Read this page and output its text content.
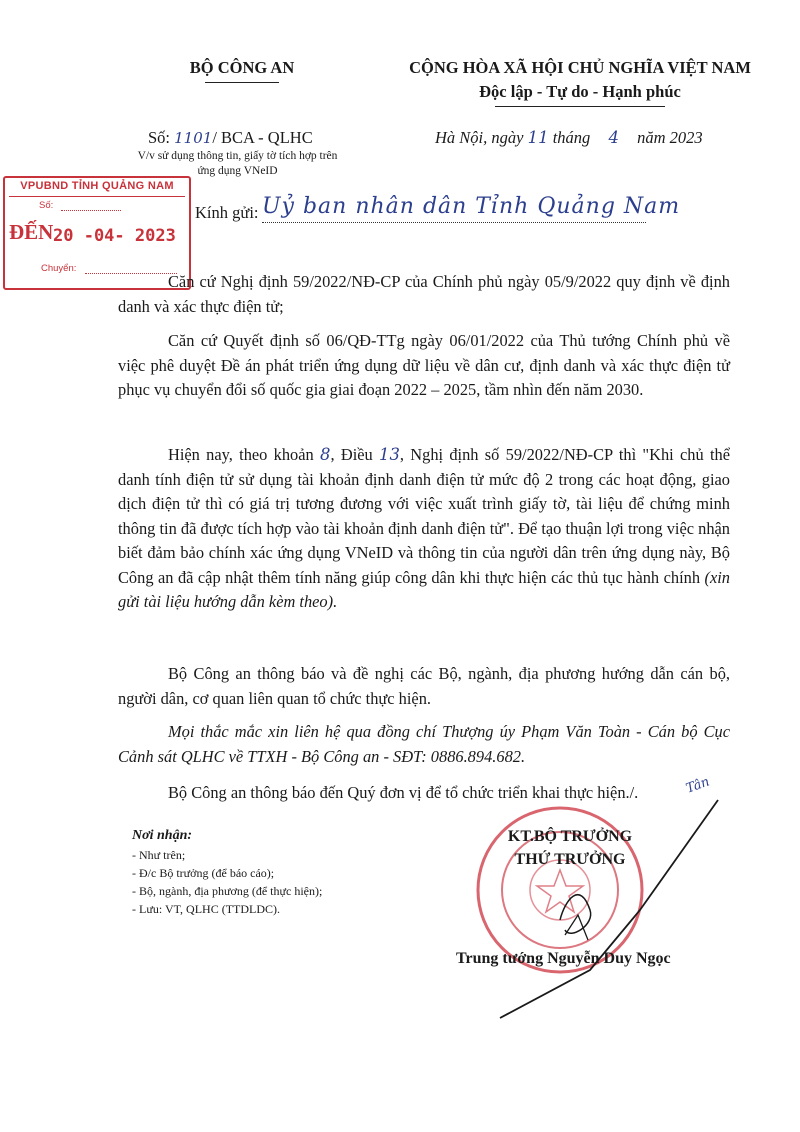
BỘ CÔNG AN	CỘNG HÒA XÃ HỘI CHỦ NGHĨA VIỆT NAM
Độc lập - Tự do - Hạnh phúc
Số: 1101/ BCA - QLHC
V/v sử dụng thông tin, giấy tờ tích hợp trên
ứng dụng VNeID
Hà Nội, ngày 11 tháng 4 năm 2023
VPUBND TỈNH QUẢNG NAM
Số:
ĐẾN 20 -04- 2023
Chuyển:
Kính gửi: Uỷ ban nhân dân Tỉnh Quảng Nam
Căn cứ Nghị định 59/2022/NĐ-CP của Chính phủ ngày 05/9/2022 quy định về định danh và xác thực điện tử;
Căn cứ Quyết định số 06/QĐ-TTg ngày 06/01/2022 của Thủ tướng Chính phủ về việc phê duyệt Đề án phát triển ứng dụng dữ liệu về dân cư, định danh và xác thực điện tử phục vụ chuyển đổi số quốc gia giai đoạn 2022 – 2025, tầm nhìn đến năm 2030.
Hiện nay, theo khoản 8, Điều 13, Nghị định số 59/2022/NĐ-CP thì "Khi chủ thể danh tính điện tử sử dụng tài khoản định danh điện tử mức độ 2 trong các hoạt động, giao dịch điện tử thì có giá trị tương đương với việc xuất trình giấy tờ, tài liệu để chứng minh thông tin đã được tích hợp vào tài khoản định danh điện tử". Để tạo thuận lợi trong việc nhận biết đảm bảo chính xác ứng dụng VNeID và thông tin của người dân trên ứng dụng này, Bộ Công an đã cập nhật thêm tính năng giúp công dân khi thực hiện các thủ tục hành chính (xin gửi tài liệu hướng dẫn kèm theo).
Bộ Công an thông báo và đề nghị các Bộ, ngành, địa phương hướng dẫn cán bộ, người dân, cơ quan liên quan tổ chức thực hiện.
Mọi thắc mắc xin liên hệ qua đồng chí Thượng úy Phạm Văn Toàn - Cán bộ Cục Cảnh sát QLHC về TTXH - Bộ Công an - SĐT: 0886.894.682.
Bộ Công an thông báo đến Quý đơn vị để tổ chức triển khai thực hiện./.	Tân
Nơi nhận:
- Như trên;
- Đ/c Bộ trưởng (để báo cáo);
- Bộ, ngành, địa phương (để thực hiện);
- Lưu: VT, QLHC (TTDLDC).
KT.BỘ TRƯỞNG
THỨ TRƯỞNG
Trung tướng Nguyễn Duy Ngọc
